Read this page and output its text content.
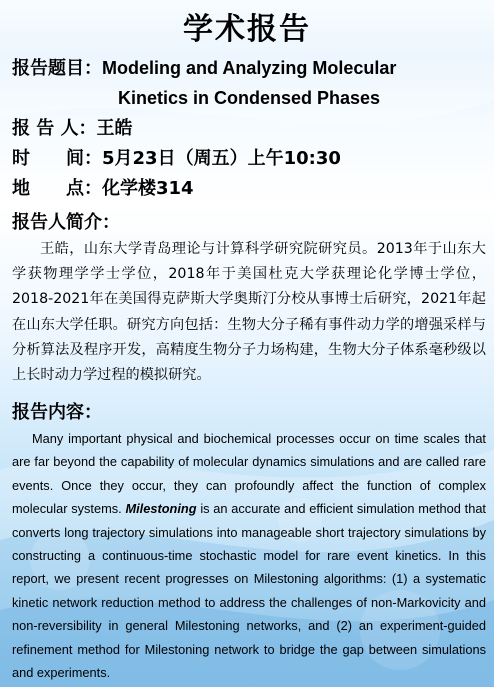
学术报告
报告题目：Modeling and Analyzing Molecular
Kinetics in Condensed Phases
报 告 人：王皓
时　　间：5月23日（周五）上午10:30
地　　点：化学楼314
报告人简介：

王皓，山东大学青岛理论与计算科学研究院研究员。2013年于山东大学获物理学学士学位，2018年于美国杜克大学获理论化学博士学位，2018-2021年在美国得克萨斯大学奥斯汀分校从事博士后研究，2021年起在山东大学任职。研究方向包括：生物大分子稀有事件动力学的增强采样与分析算法及程序开发，高精度生物分子力场构建，生物大分子体系毫秒级以上长时动力学过程的模拟研究。

报告内容：

Many important physical and biochemical processes occur on time scales that are far beyond the capability of molecular dynamics simulations and are called rare events. Once they occur, they can profoundly affect the function of complex molecular systems. Milestoning is an accurate and efficient simulation method that converts long trajectory simulations into manageable short trajectory simulations by constructing a continuous-time stochastic model for rare event kinetics. In this report, we present recent progresses on Milestoning algorithms: (1) a systematic kinetic network reduction method to address the challenges of non-Markovicity and non-reversibility in general Milestoning networks, and (2) an experiment-guided refinement method for Milestoning network to bridge the gap between simulations and experiments.
